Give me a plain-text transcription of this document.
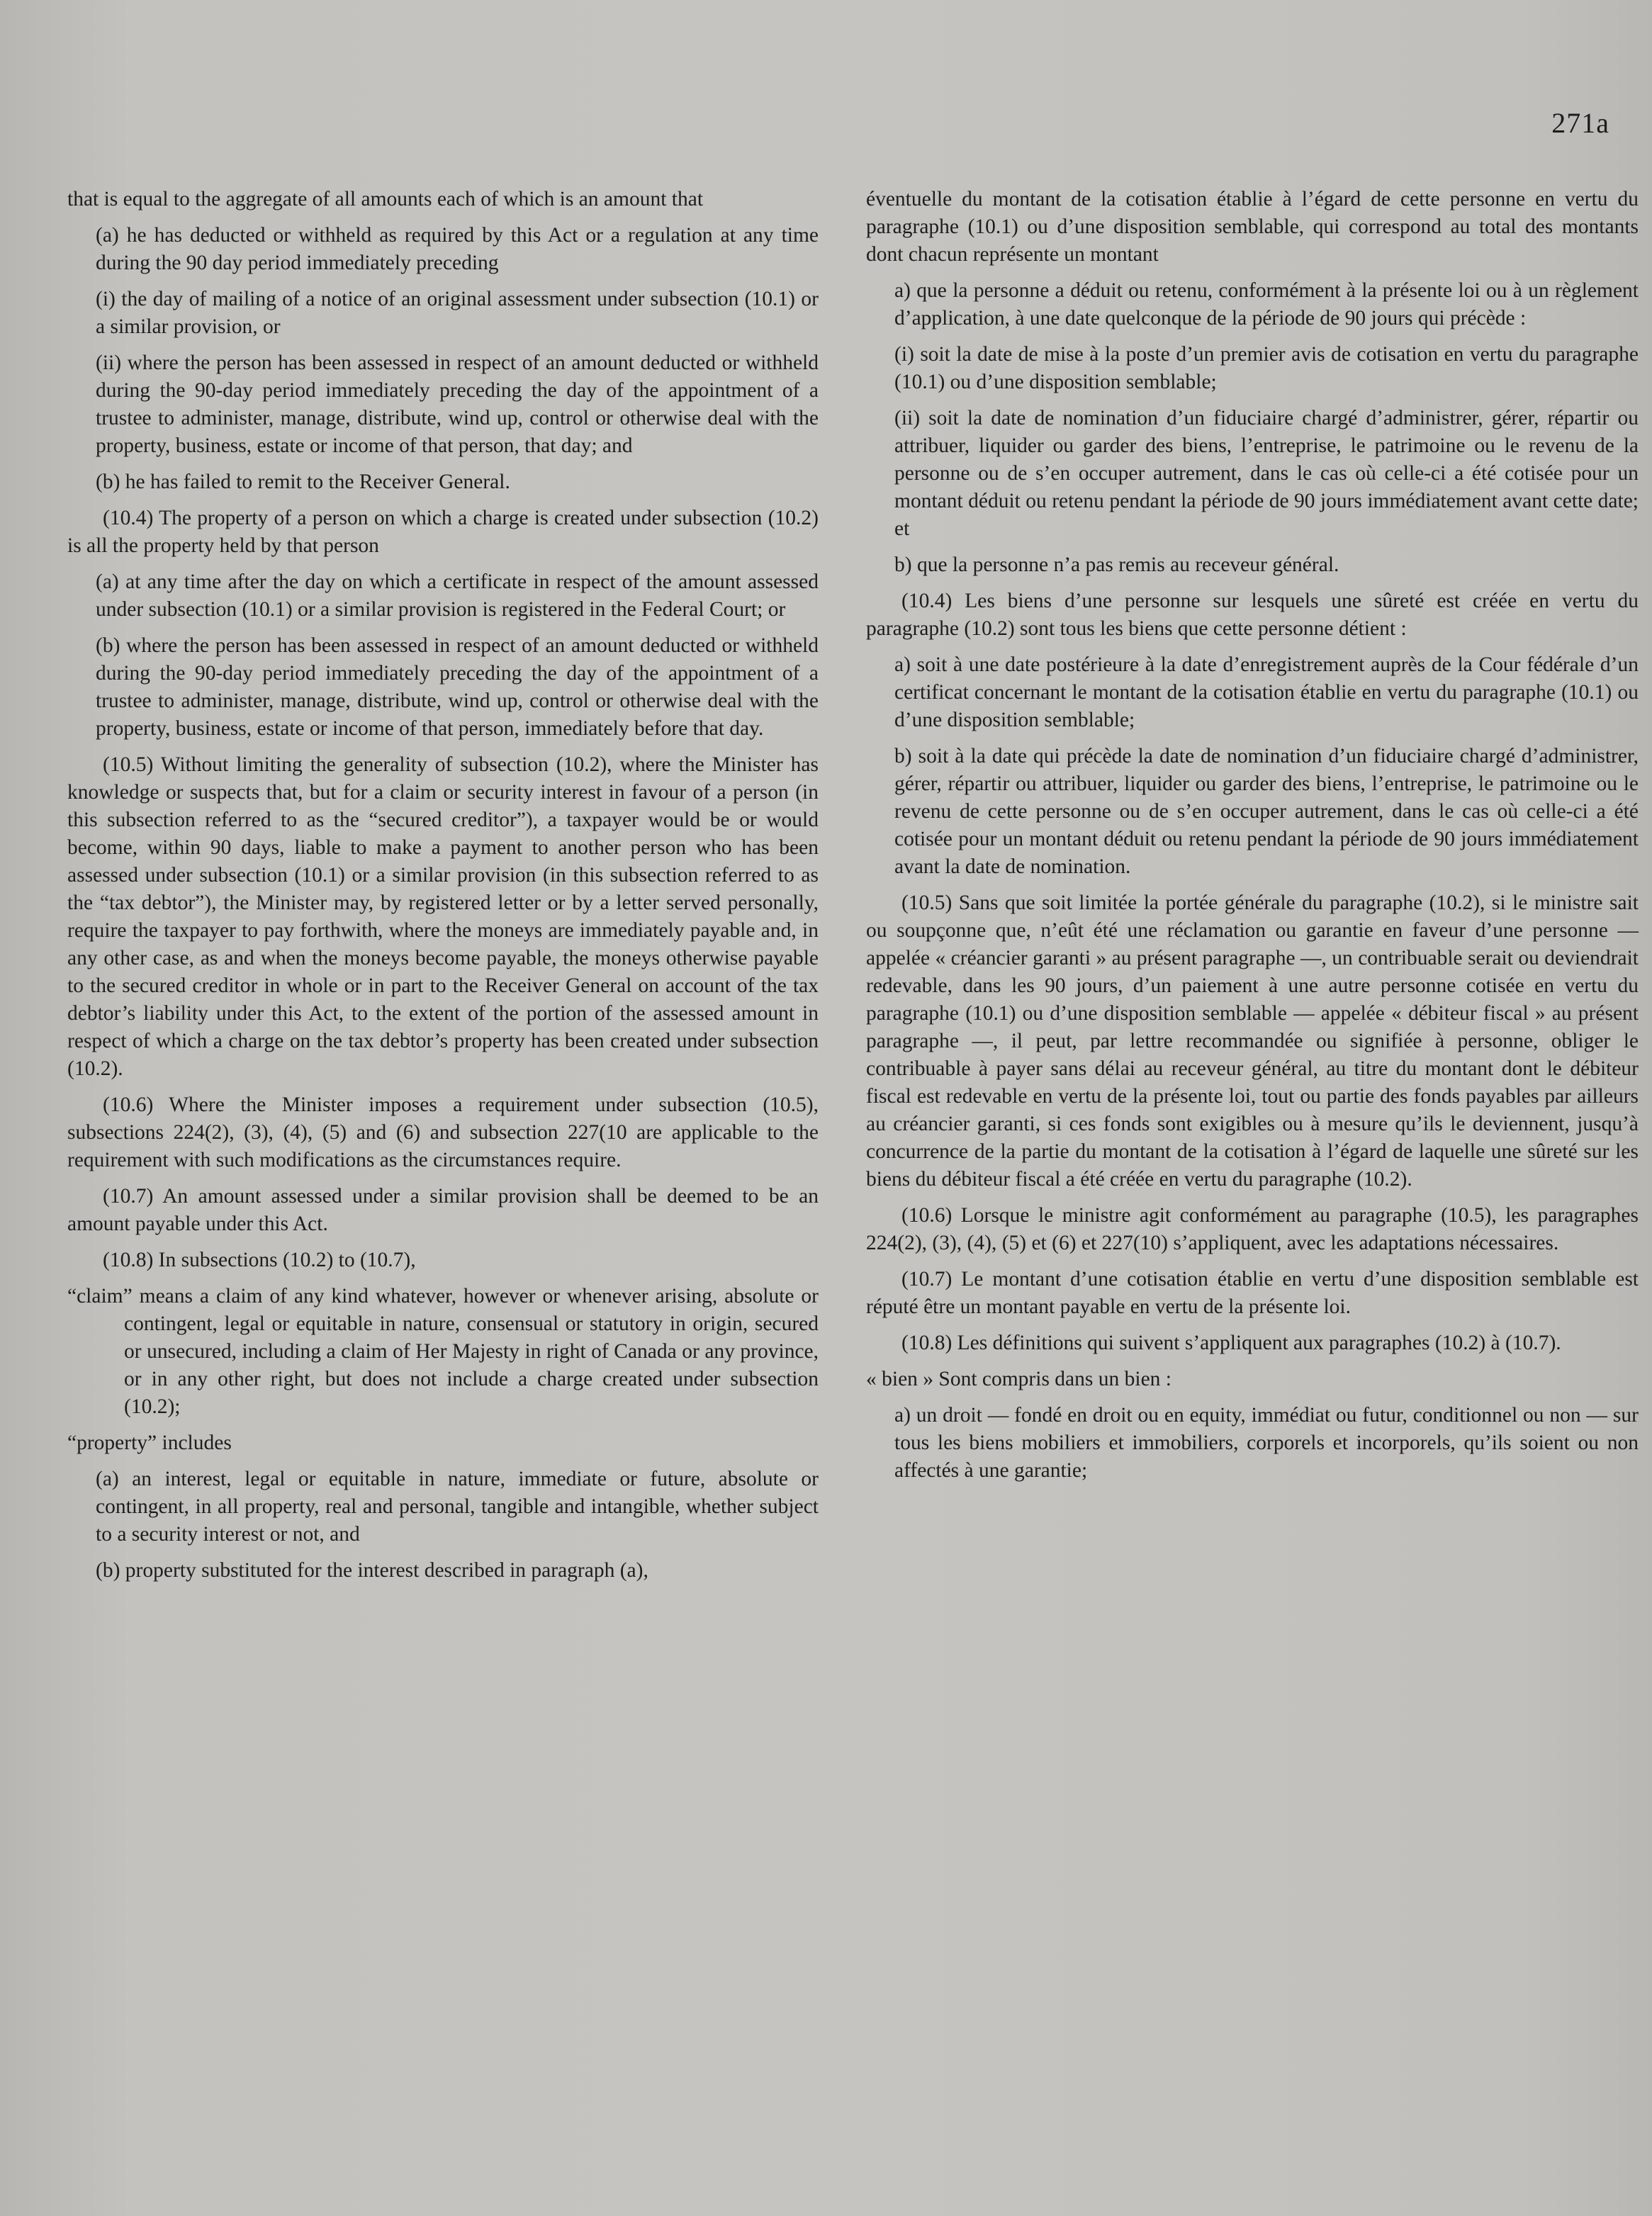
271a

that is equal to the aggregate of all amounts each of which is an amount that

(a) he has deducted or withheld as required by this Act or a regulation at any time during the 90 day period immediately preceding

(i) the day of mailing of a notice of an original assessment under subsection (10.1) or a similar provision, or

(ii) where the person has been assessed in respect of an amount deducted or withheld during the 90-day period immediately preceding the day of the appointment of a trustee to administer, manage, distribute, wind up, control or otherwise deal with the property, business, estate or income of that person, that day; and

(b) he has failed to remit to the Receiver General.

(10.4) The property of a person on which a charge is created under subsection (10.2) is all the property held by that person

(a) at any time after the day on which a certificate in respect of the amount assessed under subsection (10.1) or a similar provision is registered in the Federal Court; or

(b) where the person has been assessed in respect of an amount deducted or withheld during the 90-day period immediately preceding the day of the appointment of a trustee to administer, manage, distribute, wind up, control or otherwise deal with the property, business, estate or income of that person, immediately before that day.

(10.5) Without limiting the generality of subsection (10.2), where the Minister has knowledge or suspects that, but for a claim or security interest in favour of a person (in this subsection referred to as the “secured creditor”), a taxpayer would be or would become, within 90 days, liable to make a payment to another person who has been assessed under subsection (10.1) or a similar provision (in this subsection referred to as the “tax debtor”), the Minister may, by registered letter or by a letter served personally, require the taxpayer to pay forthwith, where the moneys are immediately payable and, in any other case, as and when the moneys become payable, the moneys otherwise payable to the secured creditor in whole or in part to the Receiver General on account of the tax debtor’s liability under this Act, to the extent of the portion of the assessed amount in respect of which a charge on the tax debtor’s property has been created under subsection (10.2).

(10.6) Where the Minister imposes a requirement under subsection (10.5), subsections 224(2), (3), (4), (5) and (6) and subsection 227(10 are applicable to the requirement with such modifications as the circumstances require.

(10.7) An amount assessed under a similar provision shall be deemed to be an amount payable under this Act.

(10.8) In subsections (10.2) to (10.7),

“claim” means a claim of any kind whatever, however or whenever arising, absolute or contingent, legal or equitable in nature, consensual or statutory in origin, secured or unsecured, including a claim of Her Majesty in right of Canada or any province, or in any other right, but does not include a charge created under subsection (10.2);

“property” includes

(a) an interest, legal or equitable in nature, immediate or future, absolute or contingent, in all property, real and personal, tangible and intangible, whether subject to a security interest or not, and

(b) property substituted for the interest described in paragraph (a),

éventuelle du montant de la cotisation établie à l’égard de cette personne en vertu du paragraphe (10.1) ou d’une disposition semblable, qui correspond au total des montants dont chacun représente un montant

a) que la personne a déduit ou retenu, conformément à la présente loi ou à un règlement d’application, à une date quelconque de la période de 90 jours qui précède :

(i) soit la date de mise à la poste d’un premier avis de cotisation en vertu du paragraphe (10.1) ou d’une disposition semblable;

(ii) soit la date de nomination d’un fiduciaire chargé d’administrer, gérer, répartir ou attribuer, liquider ou garder des biens, l’entreprise, le patrimoine ou le revenu de la personne ou de s’en occuper autrement, dans le cas où celle-ci a été cotisée pour un montant déduit ou retenu pendant la période de 90 jours immédiatement avant cette date; et

b) que la personne n’a pas remis au receveur général.

(10.4) Les biens d’une personne sur lesquels une sûreté est créée en vertu du paragraphe (10.2) sont tous les biens que cette personne détient :

a) soit à une date postérieure à la date d’enregistrement auprès de la Cour fédérale d’un certificat concernant le montant de la cotisation établie en vertu du paragraphe (10.1) ou d’une disposition semblable;

b) soit à la date qui précède la date de nomination d’un fiduciaire chargé d’administrer, gérer, répartir ou attribuer, liquider ou garder des biens, l’entreprise, le patrimoine ou le revenu de cette personne ou de s’en occuper autrement, dans le cas où celle-ci a été cotisée pour un montant déduit ou retenu pendant la période de 90 jours immédiatement avant la date de nomination.

(10.5) Sans que soit limitée la portée générale du paragraphe (10.2), si le ministre sait ou soupçonne que, n’eût été une réclamation ou garantie en faveur d’une personne —appelée « créancier garanti » au présent paragraphe —, un contribuable serait ou deviendrait redevable, dans les 90 jours, d’un paiement à une autre personne cotisée en vertu du paragraphe (10.1) ou d’une disposition semblable — appelée « débiteur fiscal » au présent paragraphe —, il peut, par lettre recommandée ou signifiée à personne, obliger le contribuable à payer sans délai au receveur général, au titre du montant dont le débiteur fiscal est redevable en vertu de la présente loi, tout ou partie des fonds payables par ailleurs au créancier garanti, si ces fonds sont exigibles ou à mesure qu’ils le deviennent, jusqu’à concurrence de la partie du montant de la cotisation à l’égard de laquelle une sûreté sur les biens du débiteur fiscal a été créée en vertu du paragraphe (10.2).

(10.6) Lorsque le ministre agit conformément au paragraphe (10.5), les paragraphes 224(2), (3), (4), (5) et (6) et 227(10) s’appliquent, avec les adaptations nécessaires.

(10.7) Le montant d’une cotisation établie en vertu d’une disposition semblable est réputé être un montant payable en vertu de la présente loi.

(10.8) Les définitions qui suivent s’appliquent aux paragraphes (10.2) à (10.7).

« bien » Sont compris dans un bien :

a) un droit — fondé en droit ou en equity, immédiat ou futur, conditionnel ou non — sur tous les biens mobiliers et immobiliers, corporels et incorporels, qu’ils soient ou non affectés à une garantie;
